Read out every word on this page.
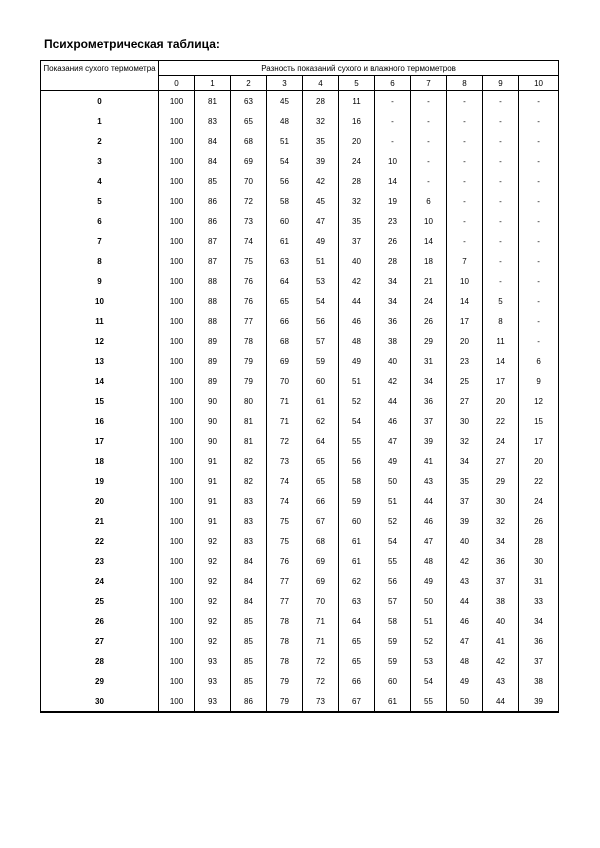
Психрометрическая таблица:
Показания сухого термометра	Разность показаний сухого и влажного термометров										
	0	1	2	3	4	5	6	7	8	9	10
0	100	81	63	45	28	11	-	-	-	-	-
1	100	83	65	48	32	16	-	-	-	-	-
2	100	84	68	51	35	20	-	-	-	-	-
3	100	84	69	54	39	24	10	-	-	-	-
4	100	85	70	56	42	28	14	-	-	-	-
5	100	86	72	58	45	32	19	6	-	-	-
6	100	86	73	60	47	35	23	10	-	-	-
7	100	87	74	61	49	37	26	14	-	-	-
8	100	87	75	63	51	40	28	18	7	-	-
9	100	88	76	64	53	42	34	21	10	-	-
10	100	88	76	65	54	44	34	24	14	5	-
11	100	88	77	66	56	46	36	26	17	8	-
12	100	89	78	68	57	48	38	29	20	11	-
13	100	89	79	69	59	49	40	31	23	14	6
14	100	89	79	70	60	51	42	34	25	17	9
15	100	90	80	71	61	52	44	36	27	20	12
16	100	90	81	71	62	54	46	37	30	22	15
17	100	90	81	72	64	55	47	39	32	24	17
18	100	91	82	73	65	56	49	41	34	27	20
19	100	91	82	74	65	58	50	43	35	29	22
20	100	91	83	74	66	59	51	44	37	30	24
21	100	91	83	75	67	60	52	46	39	32	26
22	100	92	83	75	68	61	54	47	40	34	28
23	100	92	84	76	69	61	55	48	42	36	30
24	100	92	84	77	69	62	56	49	43	37	31
25	100	92	84	77	70	63	57	50	44	38	33
26	100	92	85	78	71	64	58	51	46	40	34
27	100	92	85	78	71	65	59	52	47	41	36
28	100	93	85	78	72	65	59	53	48	42	37
29	100	93	85	79	72	66	60	54	49	43	38
30	100	93	86	79	73	67	61	55	50	44	39
